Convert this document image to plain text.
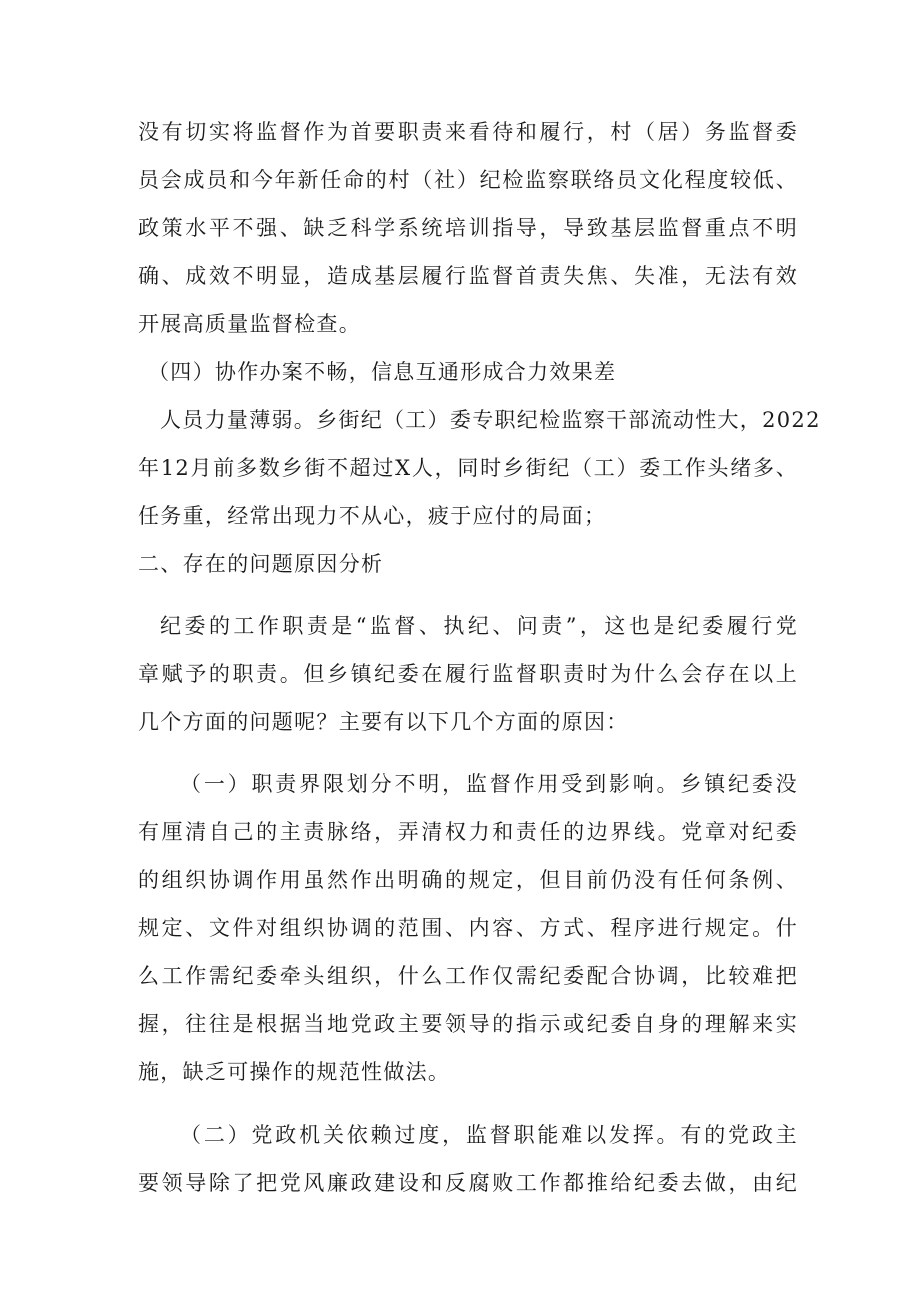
没有切实将监督作为首要职责来看待和履行，村（居）务监督委
员会成员和今年新任命的村（社）纪检监察联络员文化程度较低、
政策水平不强、缺乏科学系统培训指导，导致基层监督重点不明
确、成效不明显，造成基层履行监督首责失焦、失准，无法有效
开展高质量监督检查。
（四）协作办案不畅，信息互通形成合力效果差
人员力量薄弱。乡街纪（工）委专职纪检监察干部流动性大，2022
年12月前多数乡街不超过X人，同时乡街纪（工）委工作头绪多、
任务重，经常出现力不从心，疲于应付的局面；
二、存在的问题原因分析
纪委的工作职责是“监督、执纪、问责”，这也是纪委履行党
章赋予的职责。但乡镇纪委在履行监督职责时为什么会存在以上
几个方面的问题呢？主要有以下几个方面的原因：
（一）职责界限划分不明，监督作用受到影响。乡镇纪委没
有厘清自己的主责脉络，弄清权力和责任的边界线。党章对纪委
的组织协调作用虽然作出明确的规定，但目前仍没有任何条例、
规定、文件对组织协调的范围、内容、方式、程序进行规定。什
么工作需纪委牵头组织，什么工作仅需纪委配合协调，比较难把
握，往往是根据当地党政主要领导的指示或纪委自身的理解来实
施，缺乏可操作的规范性做法。
（二）党政机关依赖过度，监督职能难以发挥。有的党政主
要领导除了把党风廉政建设和反腐败工作都推给纪委去做，由纪
